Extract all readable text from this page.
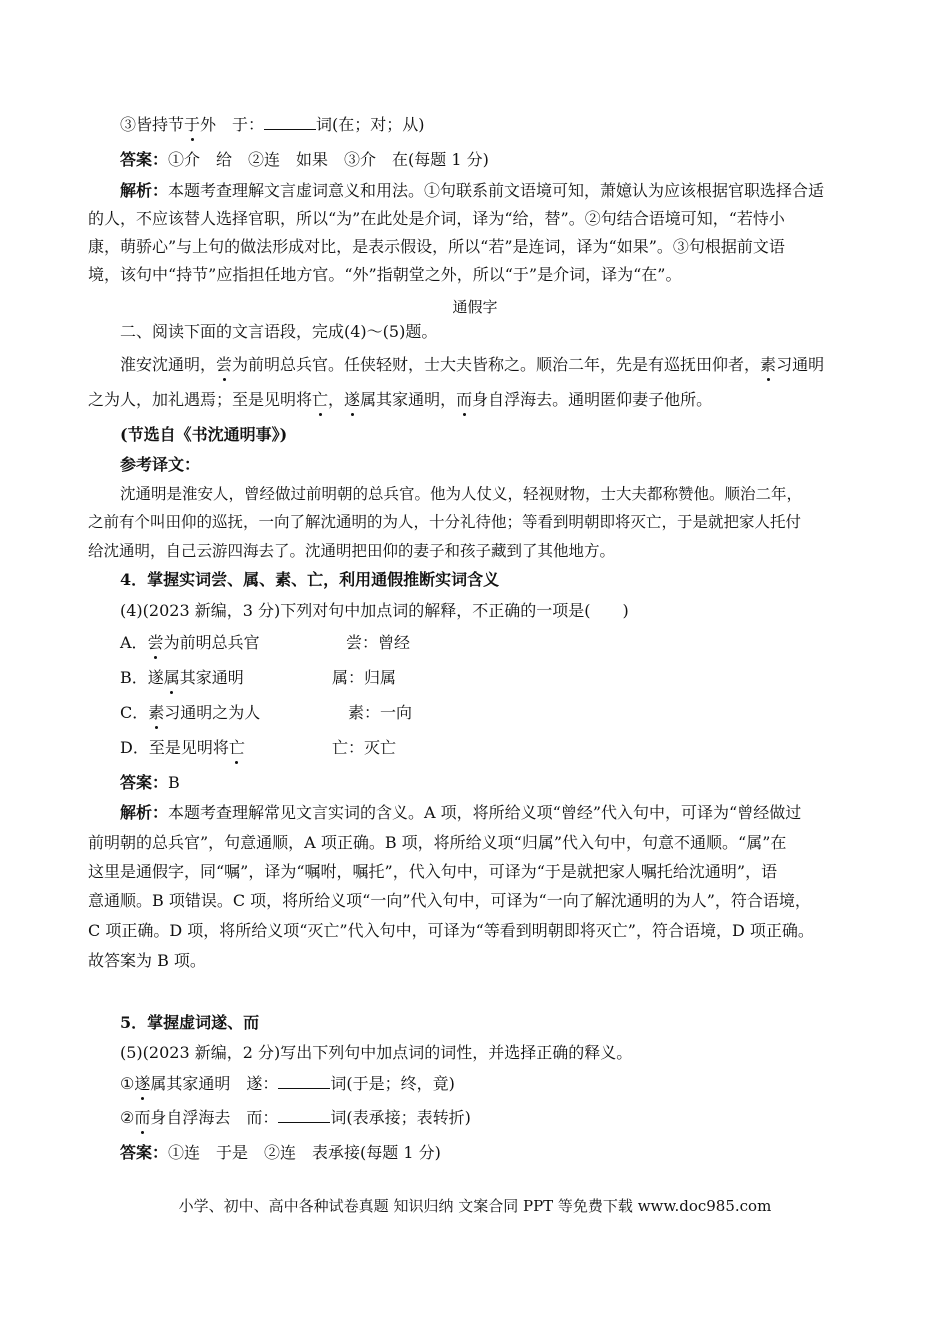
③皆持节于外　于：	词(在；对；从)
答案：①介　给　②连　如果　③介　在(每题 1 分)
解析：本题考查理解文言虚词意义和用法。①句联系前文语境可知，萧嬑认为应该根据官职选择合适
的人，不应该替人选择官职，所以“为”在此处是介词，译为“给，替”。②句结合语境可知，“若恃小
康，萌骄心”与上句的做法形成对比，是表示假设，所以“若”是连词，译为“如果”。③句根据前文语
境，该句中“持节”应指担任地方官。“外”指朝堂之外，所以“于”是介词，译为“在”。
通假字
二、阅读下面的文言语段，完成(4)～(5)题。
淮安沈通明，尝为前明总兵官。任侠轻财，士大夫皆称之。顺治二年，先是有巡抚田仰者，素习通明
之为人，加礼遇焉；至是见明将亡，遂属其家通明，而身自浮海去。通明匿仰妻子他所。
(节选自《书沈通明事》)
参考译文：
沈通明是淮安人，曾经做过前明朝的总兵官。他为人仗义，轻视财物，士大夫都称赞他。顺治二年，
之前有个叫田仰的巡抚，一向了解沈通明的为人，十分礼待他；等看到明朝即将灭亡，于是就把家人托付
给沈通明，自己云游四海去了。沈通明把田仰的妻子和孩子藏到了其他地方。
4．掌握实词尝、属、素、亡，利用通假推断实词含义
(4)(2023 新编，3 分)下列对句中加点词的解释，不正确的一项是(　　)
A．尝为前明总兵官	尝：曾经
B．遂属其家通明	属：归属
C．素习通明之为人	素：一向
D．至是见明将亡	亡：灭亡
答案：B
解析：本题考查理解常见文言实词的含义。A 项，将所给义项“曾经”代入句中，可译为“曾经做过
前明朝的总兵官”，句意通顺，A 项正确。B 项，将所给义项“归属”代入句中，句意不通顺。“属”在
这里是通假字，同“嘱”，译为“嘱咐，嘱托”，代入句中，可译为“于是就把家人嘱托给沈通明”，语
意通顺。B 项错误。C 项，将所给义项“一向”代入句中，可译为“一向了解沈通明的为人”，符合语境，
C 项正确。D 项，将所给义项“灭亡”代入句中，可译为“等看到明朝即将灭亡”，符合语境，D 项正确。
故答案为 B 项。
5．掌握虚词遂、而
(5)(2023 新编，2 分)写出下列句中加点词的词性，并选择正确的释义。
①遂属其家通明　遂：	词(于是；终，竟)
②而身自浮海去　而：	词(表承接；表转折)
答案：①连　于是　②连　表承接(每题 1 分)
小学、初中、高中各种试卷真题 知识归纳 文案合同 PPT 等免费下载 www.doc985.com
